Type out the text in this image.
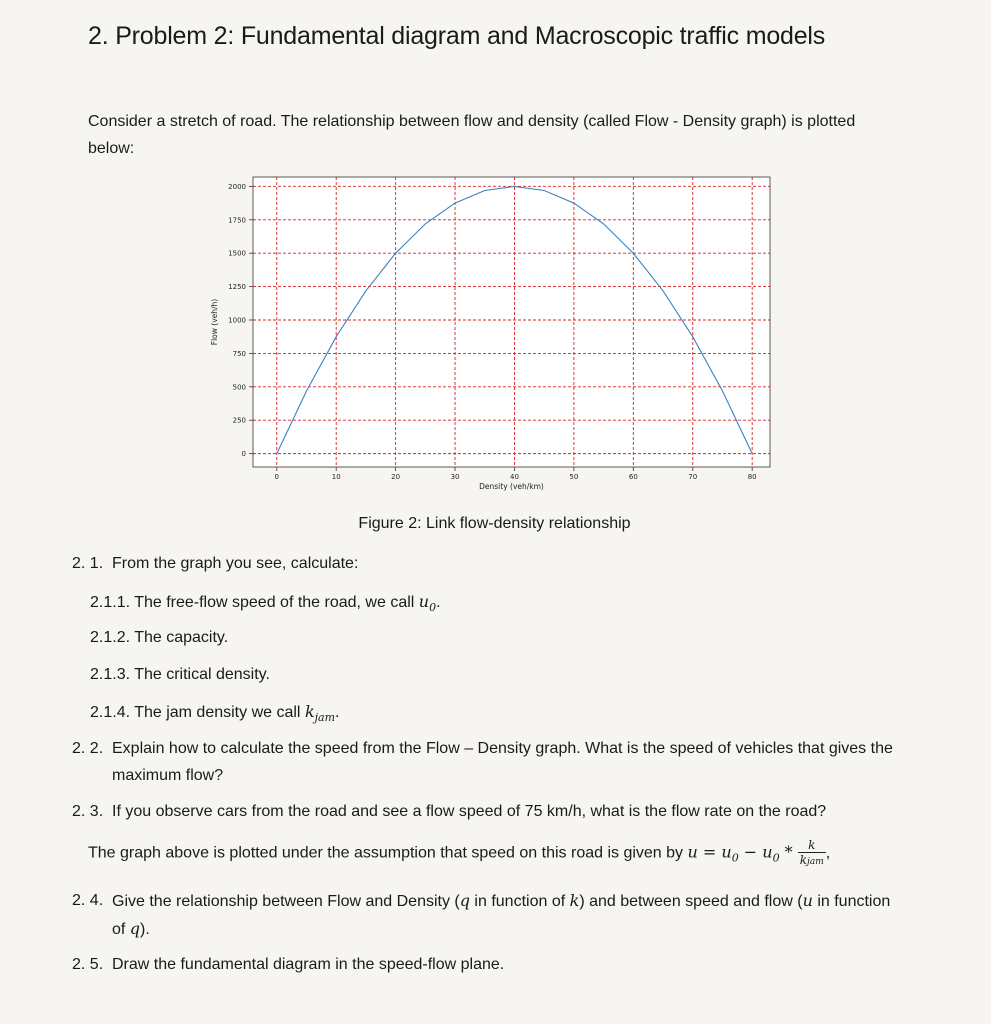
2. Problem 2: Fundamental diagram and Macroscopic traffic models

Consider a stretch of road. The relationship between flow and density (called Flow - Density graph) is plotted below:

0	10	20	30	40	50	60	70	80
0
250
500
750
1000
1250
1500
1750
2000
Density (veh/km)
Flow (veh/h)
Figure 2: Link flow-density relationship

2. 1. From the graph you see, calculate:

2.1.1. The free-flow speed of the road, we call $u_0$.

2.1.2. The capacity.

2.1.3. The critical density.

2.1.4. The jam density we call $k_{jam}$.

2. 2. Explain how to calculate the speed from the Flow – Density graph. What is the speed of vehicles that gives the maximum flow?

2. 3. If you observe cars from the road and see a flow speed of 75 km/h, what is the flow rate on the road?

The graph above is plotted under the assumption that speed on this road is given by $u = u_0 - u_0 * \frac{k}{\text{kjam}}$ ,

2. 4. Give the relationship between Flow and Density (q in function of k) and between speed and flow (u in function of q).

2. 5. Draw the fundamental diagram in the speed-flow plane.
